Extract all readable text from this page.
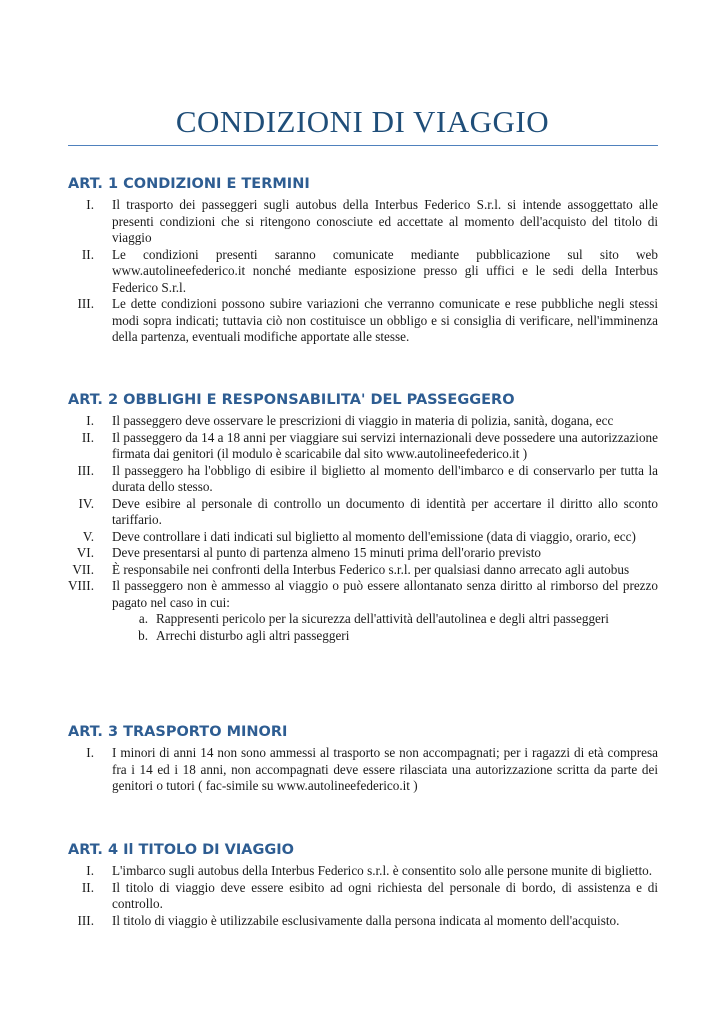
CONDIZIONI DI VIAGGIO
ART. 1 CONDIZIONI E TERMINI
I. Il trasporto dei passeggeri sugli autobus della Interbus Federico S.r.l. si intende assoggettato alle presenti condizioni che si ritengono conosciute ed accettate al momento dell'acquisto del titolo di viaggio
II. Le condizioni presenti saranno comunicate mediante pubblicazione sul sito web www.autolineefederico.it nonché mediante esposizione presso gli uffici e le sedi della Interbus Federico S.r.l.
III. Le dette condizioni possono subire variazioni che verranno comunicate e rese pubbliche negli stessi modi sopra indicati; tuttavia ciò non costituisce un obbligo e si consiglia di verificare, nell'imminenza della partenza, eventuali modifiche apportate alle stesse.
ART. 2 OBBLIGHI E RESPONSABILITA' DEL PASSEGGERO
I. Il passeggero deve osservare le prescrizioni di viaggio in materia di polizia, sanità, dogana, ecc
II. Il passeggero da 14 a 18 anni per viaggiare sui servizi internazionali deve possedere una autorizzazione firmata dai genitori (il modulo è scaricabile dal sito www.autolineefederico.it )
III. Il passeggero ha l'obbligo di esibire il biglietto al momento dell'imbarco e di conservarlo per tutta la durata dello stesso.
IV. Deve esibire al personale di controllo un documento di identità per accertare il diritto allo sconto tariffario.
V. Deve controllare i dati indicati sul biglietto al momento dell'emissione (data di viaggio, orario, ecc)
VI. Deve presentarsi al punto di partenza almeno 15 minuti prima dell'orario previsto
VII. È responsabile nei confronti della Interbus Federico s.r.l. per qualsiasi danno arrecato agli autobus
VIII. Il passeggero non è ammesso al viaggio o può essere allontanato senza diritto al rimborso del prezzo pagato nel caso in cui:
a. Rappresenti pericolo per la sicurezza dell'attività dell'autolinea e degli altri passeggeri
b. Arrechi disturbo agli altri passeggeri
ART. 3 TRASPORTO MINORI
I. I minori di anni 14 non sono ammessi al trasporto se non accompagnati; per i ragazzi di età compresa fra i 14 ed i 18 anni, non accompagnati deve essere rilasciata una autorizzazione scritta da parte dei genitori o tutori ( fac-simile su www.autolineefederico.it )
ART. 4 Il TITOLO DI VIAGGIO
I. L'imbarco sugli autobus della Interbus Federico s.r.l. è consentito solo alle persone munite di biglietto.
II. Il titolo di viaggio deve essere esibito ad ogni richiesta del personale di bordo, di assistenza e di controllo.
III. Il titolo di viaggio è utilizzabile esclusivamente dalla persona indicata al momento dell'acquisto.
